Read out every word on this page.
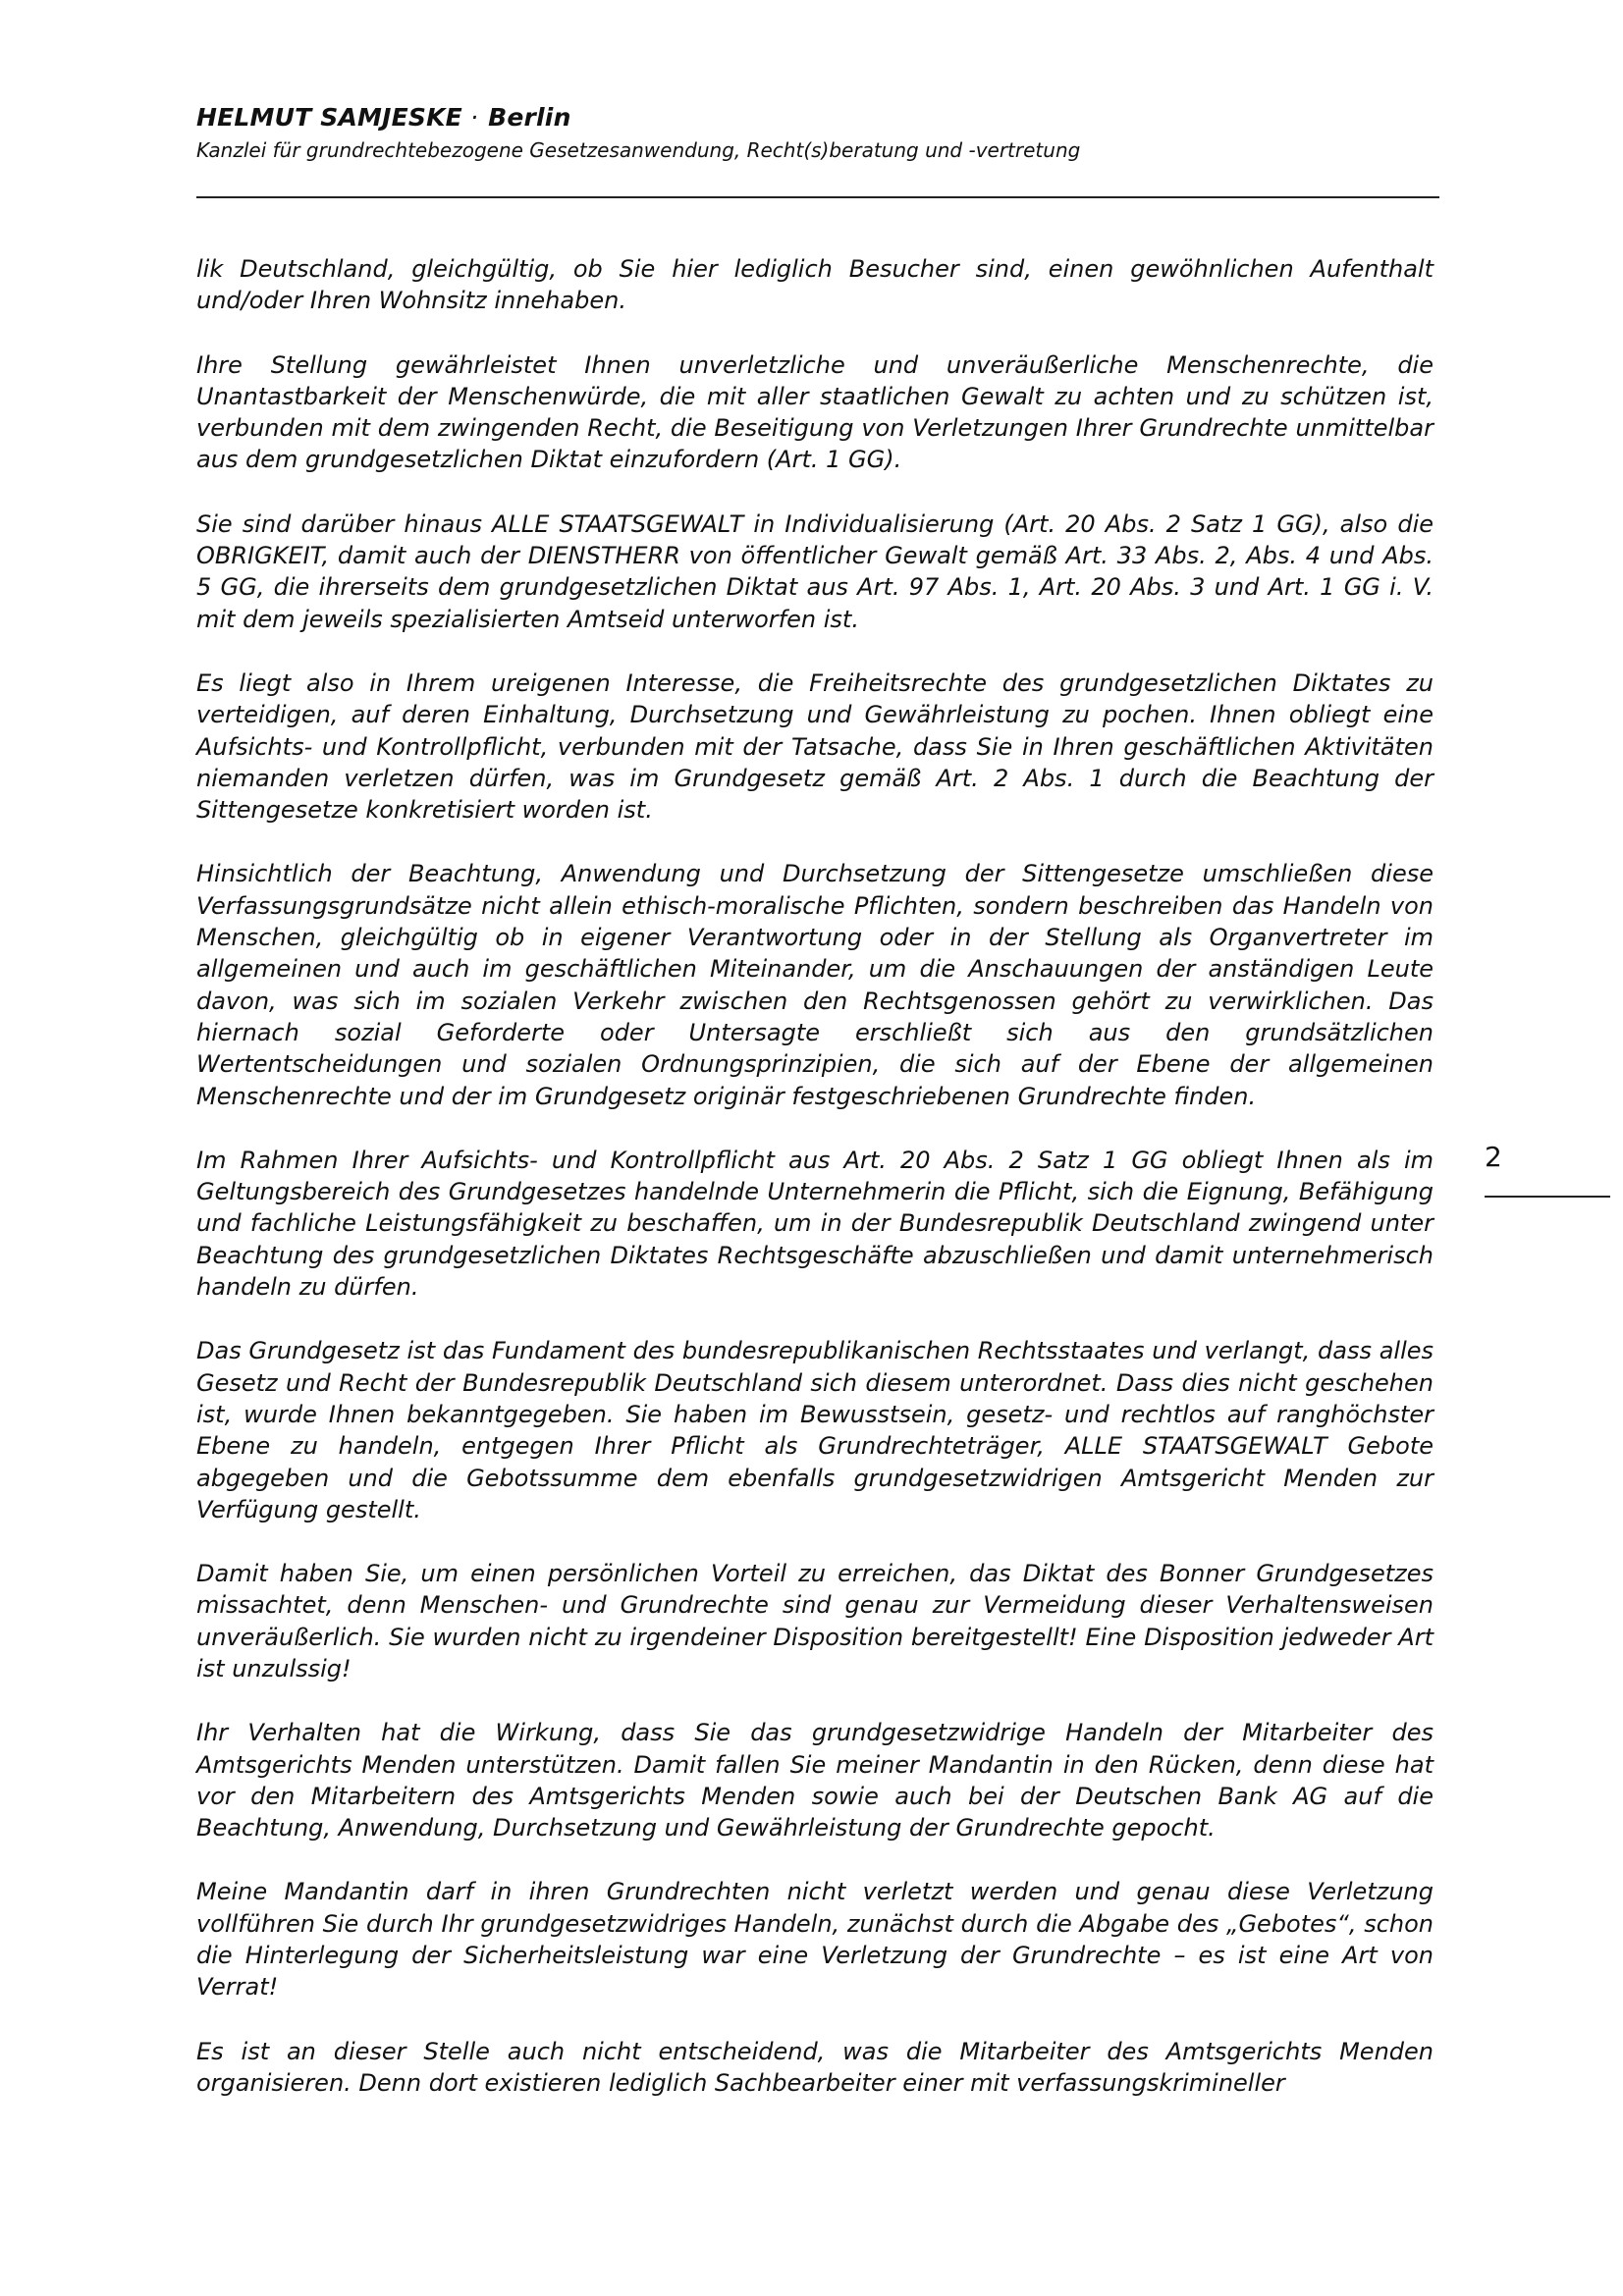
HELMUT SAMJESKE · Berlin
Kanzlei für grundrechtebezogene Gesetzesanwendung, Recht(s)beratung und -vertretung

lik Deutschland, gleichgültig, ob Sie hier lediglich Besucher sind, einen gewöhnlichen Aufenthalt und/oder Ihren Wohnsitz innehaben.

Ihre Stellung gewährleistet Ihnen unverletzliche und unveräußerliche Menschenrechte, die Unantastbarkeit der Menschenwürde, die mit aller staatlichen Gewalt zu achten und zu schützen ist, verbunden mit dem zwingenden Recht, die Beseitigung von Verletzungen Ihrer Grundrechte unmittelbar aus dem grundgesetzlichen Diktat einzufordern (Art. 1 GG).

Sie sind darüber hinaus ALLE STAATSGEWALT in Individualisierung (Art. 20 Abs. 2 Satz 1 GG), also die OBRIGKEIT, damit auch der DIENSTHERR von öffentlicher Gewalt gemäß Art. 33 Abs. 2, Abs. 4 und Abs. 5 GG, die ihrerseits dem grundgesetzlichen Diktat aus Art. 97 Abs. 1, Art. 20 Abs. 3 und Art. 1 GG i. V. mit dem jeweils spezialisierten Amtseid unterworfen ist.

Es liegt also in Ihrem ureigenen Interesse, die Freiheitsrechte des grundgesetzlichen Diktates zu verteidigen, auf deren Einhaltung, Durchsetzung und Gewährleistung zu pochen. Ihnen obliegt eine Aufsichts- und Kontrollpflicht, verbunden mit der Tatsache, dass Sie in Ihren geschäftlichen Aktivitäten niemanden verletzen dürfen, was im Grundgesetz gemäß Art. 2 Abs. 1 durch die Beachtung der Sittengesetze konkretisiert worden ist.

Hinsichtlich der Beachtung, Anwendung und Durchsetzung der Sittengesetze umschließen diese Verfassungsgrundsätze nicht allein ethisch-moralische Pflichten, sondern beschreiben das Handeln von Menschen, gleichgültig ob in eigener Verantwortung oder in der Stellung als Organvertreter im allgemeinen und auch im geschäftlichen Miteinander, um die Anschauungen der anständigen Leute davon, was sich im sozialen Verkehr zwischen den Rechtsgenossen gehört zu verwirklichen. Das hiernach sozial Geforderte oder Untersagte erschließt sich aus den grundsätzlichen Wertentscheidungen und sozialen Ordnungsprinzipien, die sich auf der Ebene der allgemeinen Menschenrechte und der im Grundgesetz originär festgeschriebenen Grundrechte finden.

Im Rahmen Ihrer Aufsichts- und Kontrollpflicht aus Art. 20 Abs. 2 Satz 1 GG obliegt Ihnen als im Geltungsbereich des Grundgesetzes handelnde Unternehmerin die Pflicht, sich die Eignung, Befähigung und fachliche Leistungsfähigkeit zu beschaffen, um in der Bundesrepublik Deutschland zwingend unter Beachtung des grundgesetzlichen Diktates Rechtsgeschäfte abzuschließen und damit unternehmerisch handeln zu dürfen.

Das Grundgesetz ist das Fundament des bundesrepublikanischen Rechtsstaates und verlangt, dass alles Gesetz und Recht der Bundesrepublik Deutschland sich diesem unterordnet. Dass dies nicht geschehen ist, wurde Ihnen bekanntgegeben. Sie haben im Bewusstsein, gesetz- und rechtlos auf ranghöchster Ebene zu handeln, entgegen Ihrer Pflicht als Grundrechteträger, ALLE STAATSGEWALT Gebote abgegeben und die Gebotssumme dem ebenfalls grundgesetzwidrigen Amtsgericht Menden zur Verfügung gestellt.

Damit haben Sie, um einen persönlichen Vorteil zu erreichen, das Diktat des Bonner Grundgesetzes missachtet, denn Menschen- und Grundrechte sind genau zur Vermeidung dieser Verhaltensweisen unveräußerlich. Sie wurden nicht zu irgendeiner Disposition bereitgestellt! Eine Disposition jedweder Art ist unzulssig!

Ihr Verhalten hat die Wirkung, dass Sie das grundgesetzwidrige Handeln der Mitarbeiter des Amtsgerichts Menden unterstützen. Damit fallen Sie meiner Mandantin in den Rücken, denn diese hat vor den Mitarbeitern des Amtsgerichts Menden sowie auch bei der Deutschen Bank AG auf die Beachtung, Anwendung, Durchsetzung und Gewährleistung der Grundrechte gepocht.

Meine Mandantin darf in ihren Grundrechten nicht verletzt werden und genau diese Verletzung vollführen Sie durch Ihr grundgesetzwidriges Handeln, zunächst durch die Abgabe des „Gebotes“, schon die Hinterlegung der Sicherheitsleistung war eine Verletzung der Grundrechte – es ist eine Art von Verrat!

Es ist an dieser Stelle auch nicht entscheidend, was die Mitarbeiter des Amtsgerichts Menden organisieren. Denn dort existieren lediglich Sachbearbeiter einer mit verfassungskrimineller

2
